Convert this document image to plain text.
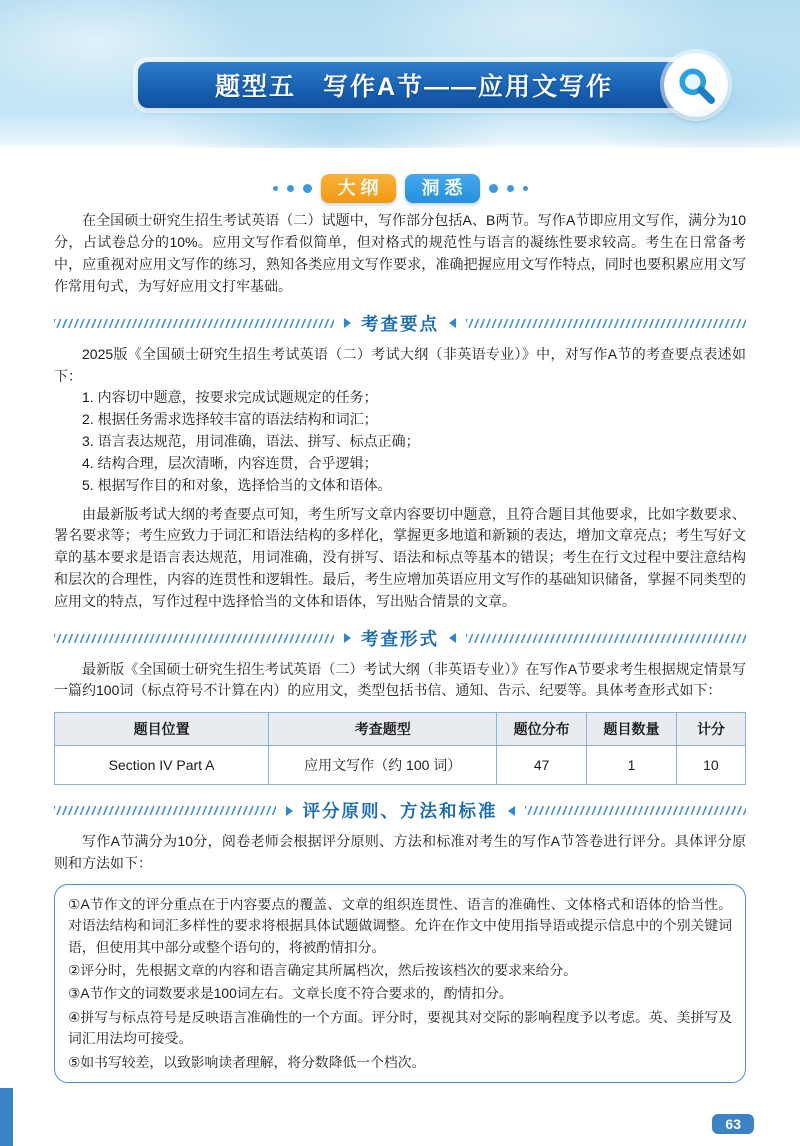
题型五　写作A节——应用文写作
大纲	洞悉

在全国硕士研究生招生考试英语（二）试题中，写作部分包括A、B两节。写作A节即应用文写作，满分为10分，占试卷总分的10%。应用文写作看似简单，但对格式的规范性与语言的凝练性要求较高。考生在日常备考中，应重视对应用文写作的练习，熟知各类应用文写作要求，准确把握应用文写作特点，同时也要积累应用文写作常用句式，为写好应用文打牢基础。

考查要点

2025版《全国硕士研究生招生考试英语（二）考试大纲（非英语专业）》中，对写作A节的考查要点表述如下：

1. 内容切中题意，按要求完成试题规定的任务；

2. 根据任务需求选择较丰富的语法结构和词汇；

3. 语言表达规范，用词准确，语法、拼写、标点正确；

4. 结构合理，层次清晰，内容连贯，合乎逻辑；

5. 根据写作目的和对象，选择恰当的文体和语体。

由最新版考试大纲的考查要点可知，考生所写文章内容要切中题意，且符合题目其他要求，比如字数要求、署名要求等；考生应致力于词汇和语法结构的多样化，掌握更多地道和新颖的表达，增加文章亮点；考生写好文章的基本要求是语言表达规范，用词准确，没有拼写、语法和标点等基本的错误；考生在行文过程中要注意结构和层次的合理性，内容的连贯性和逻辑性。最后，考生应增加英语应用文写作的基础知识储备，掌握不同类型的应用文的特点，写作过程中选择恰当的文体和语体，写出贴合情景的文章。

考查形式

最新版《全国硕士研究生招生考试英语（二）考试大纲（非英语专业）》在写作A节要求考生根据规定情景写一篇约100词（标点符号不计算在内）的应用文，类型包括书信、通知、告示、纪要等。具体考查形式如下：

题目位置	考查题型	题位分布	题目数量	计分
Section IV Part A	应用文写作（约 100 词）	47	1	10
评分原则、方法和标准

写作A节满分为10分，阅卷老师会根据评分原则、方法和标准对考生的写作A节答卷进行评分。具体评分原则和方法如下：

①A节作文的评分重点在于内容要点的覆盖、文章的组织连贯性、语言的准确性、文体格式和语体的恰当性。对语法结构和词汇多样性的要求将根据具体试题做调整。允许在作文中使用指导语或提示信息中的个别关键词语，但使用其中部分或整个语句的，将被酌情扣分。

②评分时，先根据文章的内容和语言确定其所属档次，然后按该档次的要求来给分。

③A节作文的词数要求是100词左右。文章长度不符合要求的，酌情扣分。

④拼写与标点符号是反映语言准确性的一个方面。评分时，要视其对交际的影响程度予以考虑。英、美拼写及词汇用法均可接受。

⑤如书写较差，以致影响读者理解，将分数降低一个档次。

63
